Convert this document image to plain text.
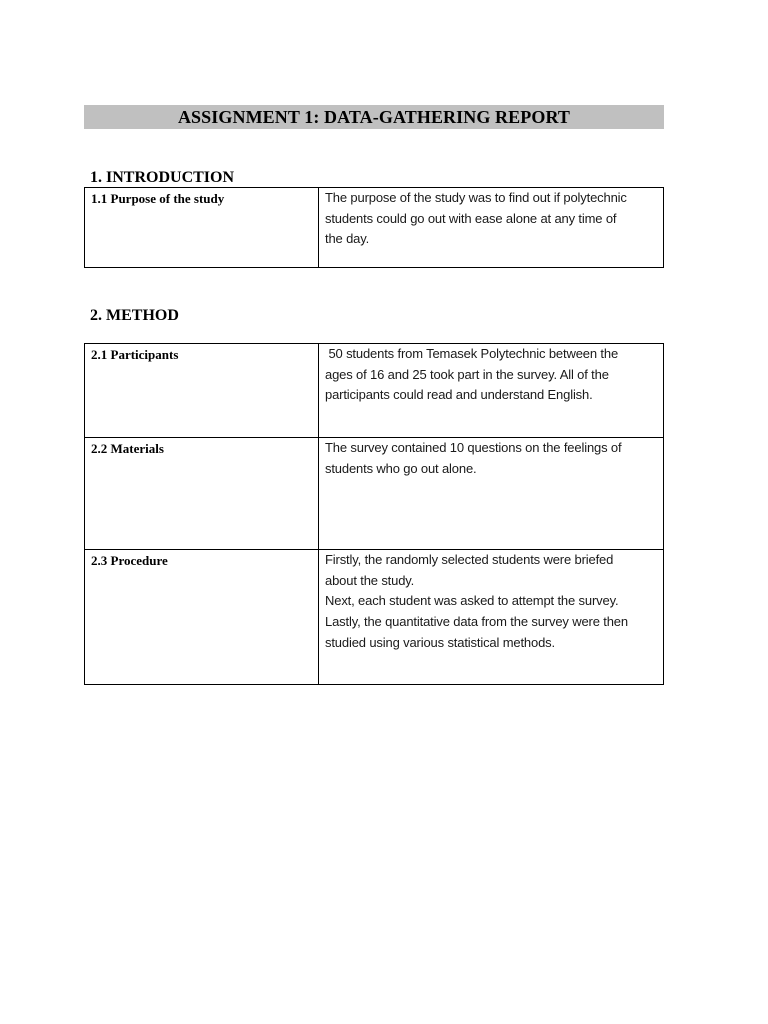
ASSIGNMENT 1: DATA-GATHERING REPORT
1. INTRODUCTION
1.1 Purpose of the study	The purpose of the study was to find out if polytechnic
students could go out with ease alone at any time of
the day.
2. METHOD
2.1 Participants	50 students from Temasek Polytechnic between the
ages of 16 and 25 took part in the survey. All of the
participants could read and understand English.

2.2 Materials	The survey contained 10 questions on the feelings of
students who go out alone.

2.3 Procedure	Firstly, the randomly selected students were briefed
about the study.
Next, each student was asked to attempt the survey.
Lastly, the quantitative data from the survey were then
studied using various statistical methods.
